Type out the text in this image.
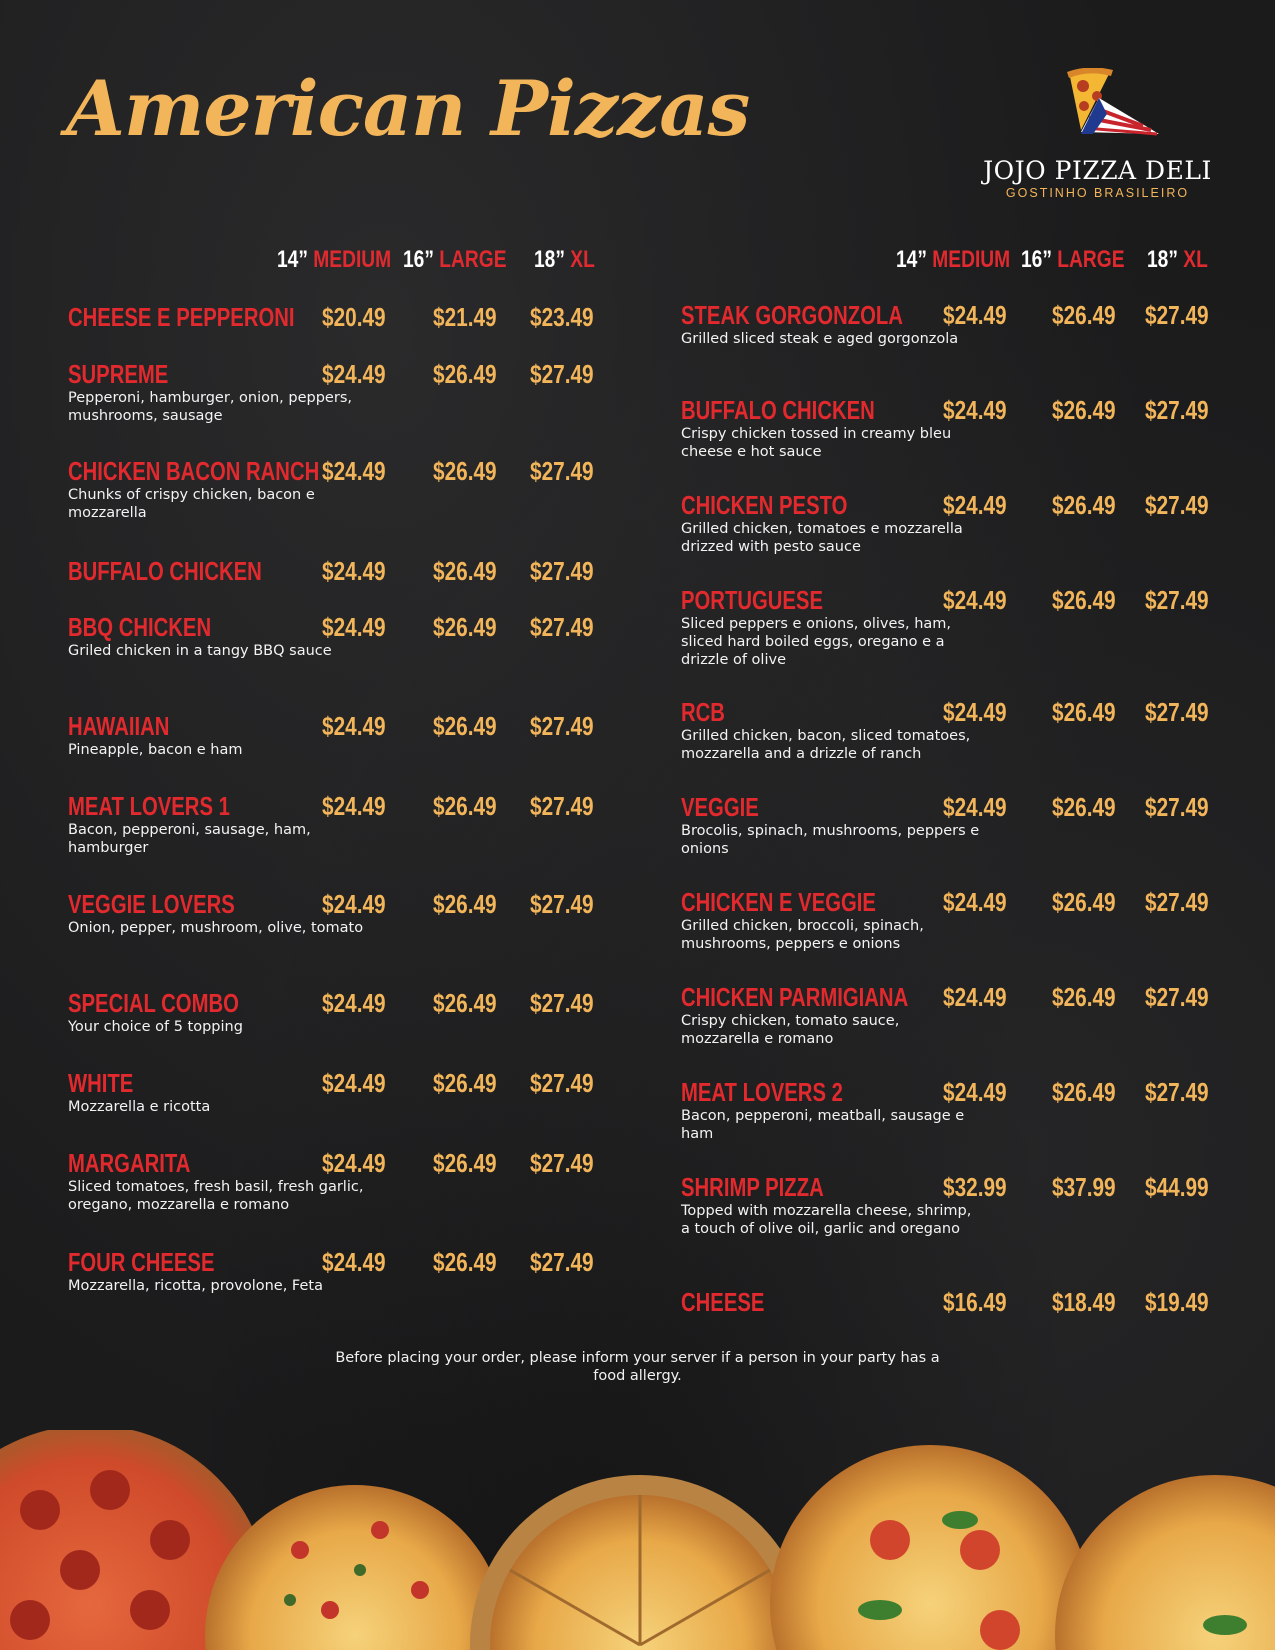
American Pizzas
JOJO PIZZA DELI
GOSTINHO BRASILEIRO
14” MEDIUM 16” LARGE 18” XL	14” MEDIUM 16” LARGE 18” XL
CHEESE E PEPPERONI $20.49 $21.49 $23.49
SUPREME
Pepperoni, hamburger, onion, peppers, mushrooms, sausage
$24.49 $26.49 $27.49
CHICKEN BACON RANCH
Chunks of crispy chicken, bacon e mozzarella
$24.49 $26.49 $27.49
BUFFALO CHICKEN $24.49 $26.49 $27.49
BBQ CHICKEN
Griled chicken in a tangy BBQ sauce
$24.49 $26.49 $27.49
HAWAIIAN
Pineapple, bacon e ham
$24.49 $26.49 $27.49
MEAT LOVERS 1
Bacon, pepperoni, sausage, ham, hamburger
$24.49 $26.49 $27.49
VEGGIE LOVERS
Onion, pepper, mushroom, olive, tomato
$24.49 $26.49 $27.49
SPECIAL COMBO
Your choice of 5 topping
$24.49 $26.49 $27.49
WHITE
Mozzarella e ricotta
$24.49 $26.49 $27.49
MARGARITA
Sliced tomatoes, fresh basil, fresh garlic, oregano, mozzarella e romano
$24.49 $26.49 $27.49
FOUR CHEESE
Mozzarella, ricotta, provolone, Feta
$24.49 $26.49 $27.49
STEAK GORGONZOLA
Grilled sliced steak e aged gorgonzola
$24.49 $26.49 $27.49
BUFFALO CHICKEN
Crispy chicken tossed in creamy bleu cheese e hot sauce
$24.49 $26.49 $27.49
CHICKEN PESTO
Grilled chicken, tomatoes e mozzarella drizzed with pesto sauce
$24.49 $26.49 $27.49
PORTUGUESE
Sliced peppers e onions, olives, ham, sliced hard boiled eggs, oregano e a drizzle of olive
$24.49 $26.49 $27.49
RCB
Grilled chicken, bacon, sliced tomatoes, mozzarella and a drizzle of ranch
$24.49 $26.49 $27.49
VEGGIE
Brocolis, spinach, mushrooms, peppers e onions
$24.49 $26.49 $27.49
CHICKEN E VEGGIE
Grilled chicken, broccoli, spinach, mushrooms, peppers e onions
$24.49 $26.49 $27.49
CHICKEN PARMIGIANA
Crispy chicken, tomato sauce, mozzarella e romano
$24.49 $26.49 $27.49
MEAT LOVERS 2
Bacon, pepperoni, meatball, sausage e ham
$24.49 $26.49 $27.49
SHRIMP PIZZA
Topped with mozzarella cheese, shrimp, a touch of olive oil, garlic and oregano
$32.99 $37.99 $44.99
CHEESE	$16.49 $18.49 $19.49
Before placing your order, please inform your server if a person in your party has a food allergy.
